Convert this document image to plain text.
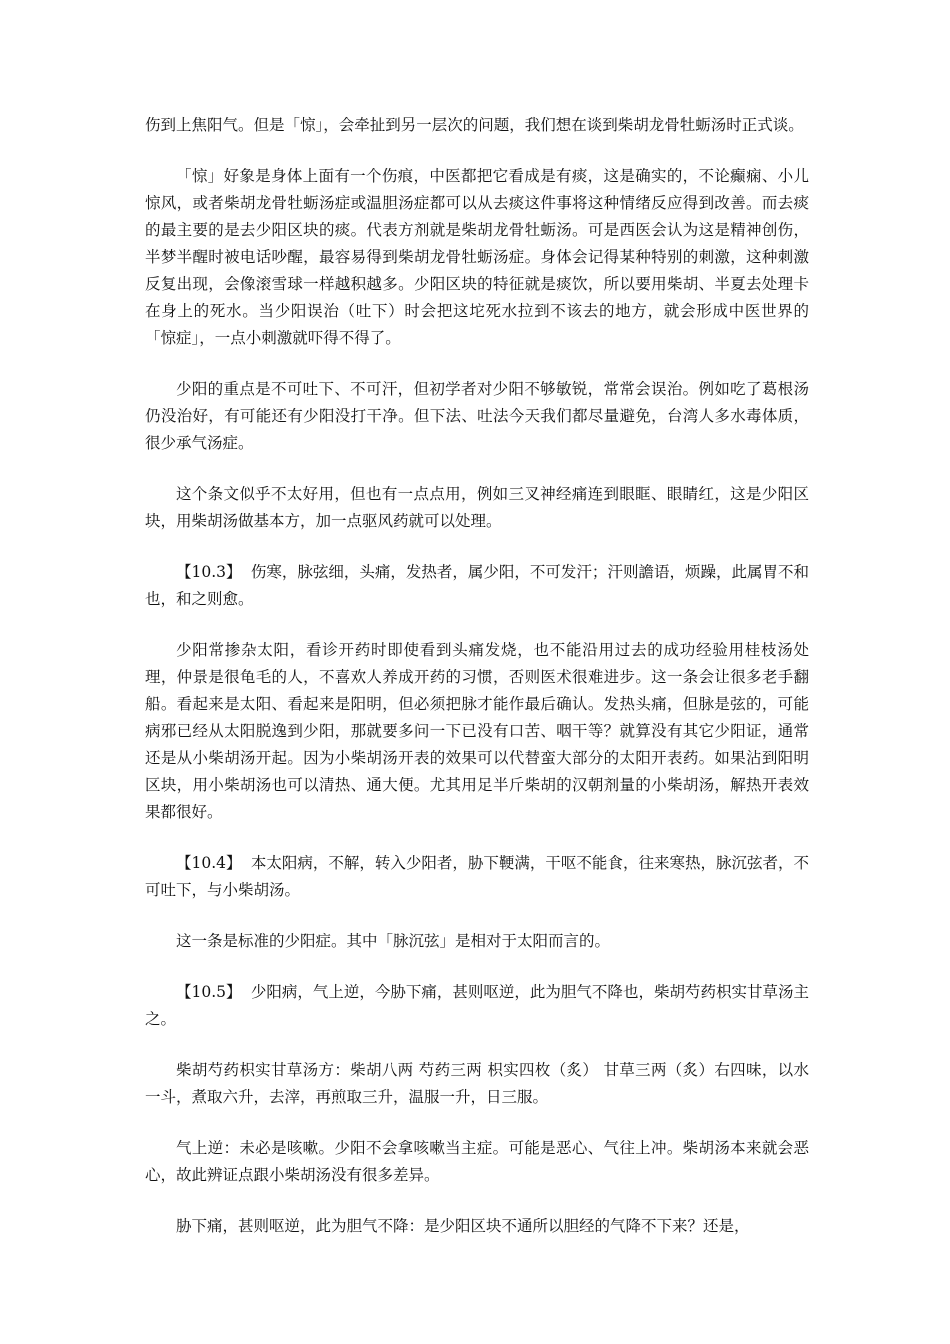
伤到上焦阳气。但是「惊」，会牵扯到另一层次的问题，我们想在谈到柴胡龙骨牡蛎汤时正式谈。

「惊」好象是身体上面有一个伤痕，中医都把它看成是有痰，这是确实的，不论癫痫、小儿惊风，或者柴胡龙骨牡蛎汤症或温胆汤症都可以从去痰这件事将这种情绪反应得到改善。而去痰的最主要的是去少阳区块的痰。代表方剂就是柴胡龙骨牡蛎汤。可是西医会认为这是精神创伤，半梦半醒时被电话吵醒，最容易得到柴胡龙骨牡蛎汤症。身体会记得某种特别的刺激，这种刺激反复出现，会像滚雪球一样越积越多。少阳区块的特征就是痰饮，所以要用柴胡、半夏去处理卡在身上的死水。当少阳误治（吐下）时会把这坨死水拉到不该去的地方，就会形成中医世界的「惊症」，一点小刺激就吓得不得了。

少阳的重点是不可吐下、不可汗，但初学者对少阳不够敏锐，常常会误治。例如吃了葛根汤仍没治好，有可能还有少阳没打干净。但下法、吐法今天我们都尽量避免，台湾人多水毒体质，很少承气汤症。

这个条文似乎不太好用，但也有一点点用，例如三叉神经痛连到眼眶、眼睛红，这是少阳区块，用柴胡汤做基本方，加一点驱风药就可以处理。

【10.3】 伤寒，脉弦细，头痛，发热者，属少阳，不可发汗；汗则譫语，烦躁，此属胃不和也，和之则愈。

少阳常掺杂太阳，看诊开药时即使看到头痛发烧，也不能沿用过去的成功经验用桂枝汤处理，仲景是很龟毛的人，不喜欢人养成开药的习惯，否则医术很难进步。这一条会让很多老手翻船。看起来是太阳、看起来是阳明，但必须把脉才能作最后确认。发热头痛，但脉是弦的，可能病邪已经从太阳脱逸到少阳，那就要多问一下已没有口苦、咽干等？就算没有其它少阳证，通常还是从小柴胡汤开起。因为小柴胡汤开表的效果可以代替蛮大部分的太阳开表药。如果沾到阳明区块，用小柴胡汤也可以清热、通大便。尤其用足半斤柴胡的汉朝剂量的小柴胡汤，解热开表效果都很好。

【10.4】 本太阳病，不解，转入少阳者，胁下鞕满，干呕不能食，往来寒热，脉沉弦者，不可吐下，与小柴胡汤。

这一条是标准的少阳症。其中「脉沉弦」是相对于太阳而言的。

【10.5】 少阳病，气上逆，今胁下痛，甚则呕逆，此为胆气不降也，柴胡芍药枳实甘草汤主之。

柴胡芍药枳实甘草汤方：柴胡八两 芍药三两 枳实四枚（炙） 甘草三两（炙）右四味，以水一斗，煮取六升，去滓，再煎取三升，温服一升，日三服。

气上逆：未必是咳嗽。少阳不会拿咳嗽当主症。可能是恶心、气往上冲。柴胡汤本来就会恶心，故此辨证点跟小柴胡汤没有很多差异。

胁下痛，甚则呕逆，此为胆气不降：是少阳区块不通所以胆经的气降不下来？还是，
